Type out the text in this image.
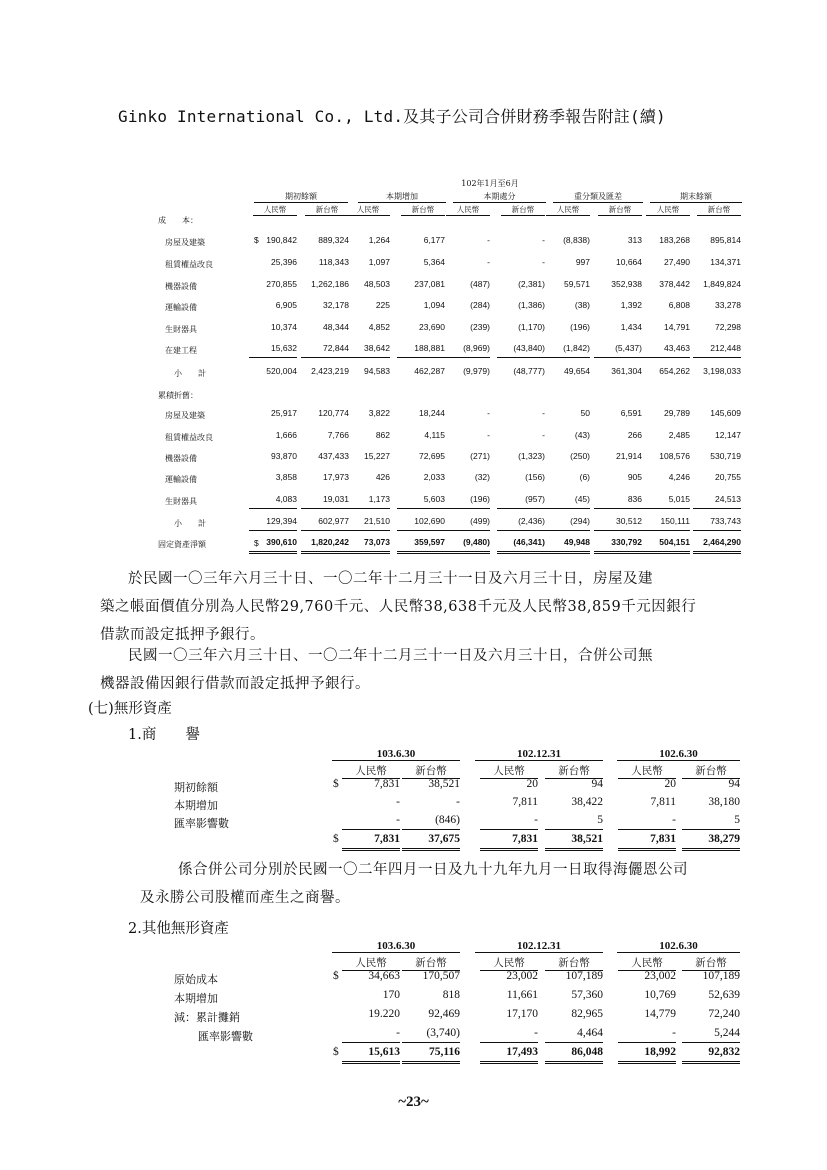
Ginko International Co., Ltd.及其子公司合併財務季報告附註(續)
102年1月至6月
期初餘額	本期增加	本期處分	重分類及匯差	期末餘額
人民幣	新台幣	人民幣	新台幣	人民幣	新台幣	人民幣	新台幣	人民幣	新台幣
成　　本：
房屋及建築	190,842	889,324	1,264	6,177	-	-	(8,838)	313	183,268	895,814
租賃權益改良	25,396	118,343	1,097	5,364	-	-	997	10,664	27,490	134,371
機器設備	270,855	1,262,186	48,503	237,081	(487)	(2,381)	59,571	352,938	378,442	1,849,824
運輸設備	6,905	32,178	225	1,094	(284)	(1,386)	(38)	1,392	6,808	33,278
生財器具	10,374	48,344	4,852	23,690	(239)	(1,170)	(196)	1,434	14,791	72,298
在建工程	15,632	72,844	38,642	188,881	(8,969)	(43,840)	(1,842)	(5,437)	43,463	212,448
$
小　　計	520,004	2,423,219	94,583	462,287	(9,979)	(48,777)	49,654	361,304	654,262	3,198,033
累積折舊：
房屋及建築	25,917	120,774	3,822	18,244	-	-	50	6,591	29,789	145,609
租賃權益改良	1,666	7,766	862	4,115	-	-	(43)	266	2,485	12,147
機器設備	93,870	437,433	15,227	72,695	(271)	(1,323)	(250)	21,914	108,576	530,719
運輸設備	3,858	17,973	426	2,033	(32)	(156)	(6)	905	4,246	20,755
生財器具	4,083	19,031	1,173	5,603	(196)	(957)	(45)	836	5,015	24,513
小　　計	129,394	602,977	21,510	102,690	(499)	(2,436)	(294)	30,512	150,111	733,743
固定資產淨額	390,610	1,820,242	73,073	359,597	(9,480)	(46,341)	49,948	330,792	504,151	2,464,290
$
於民國一〇三年六月三十日、一〇二年十二月三十一日及六月三十日，房屋及建
築之帳面價值分別為人民幣29,760千元、人民幣38,638千元及人民幣38,859千元因銀行
借款而設定抵押予銀行。
民國一〇三年六月三十日、一〇二年十二月三十一日及六月三十日，合併公司無
機器設備因銀行借款而設定抵押予銀行。
(七)無形資產
1.商　　譽
係合併公司分別於民國一〇二年四月一日及九十九年九月一日取得海儷恩公司
及永勝公司股權而產生之商譽。
2.其他無形資產
103.6.30	102.12.31	102.6.30
人民幣	新台幣	人民幣	新台幣	人民幣	新台幣
期初餘額	7,831	38,521	20	94	20	94
本期增加	-	-	7,811	38,422	7,811	38,180
匯率影響數	-	(846)	-	5	-	5
$
7,831	37,675	7,831	38,521	7,831	38,279
$
103.6.30	102.12.31	102.6.30
人民幣	新台幣	人民幣	新台幣	人民幣	新台幣
原始成本	34,663	170,507	23,002	107,189	23,002	107,189
本期增加	170	818	11,661	57,360	10,769	52,639
減：累計攤銷	19.220	92,469	17,170	82,965	14,779	72,240
匯率影響數	-	(3,740)	-	4,464	-	5,244
$
15,613	75,116	17,493	86,048	18,992	92,832
$
~23~
